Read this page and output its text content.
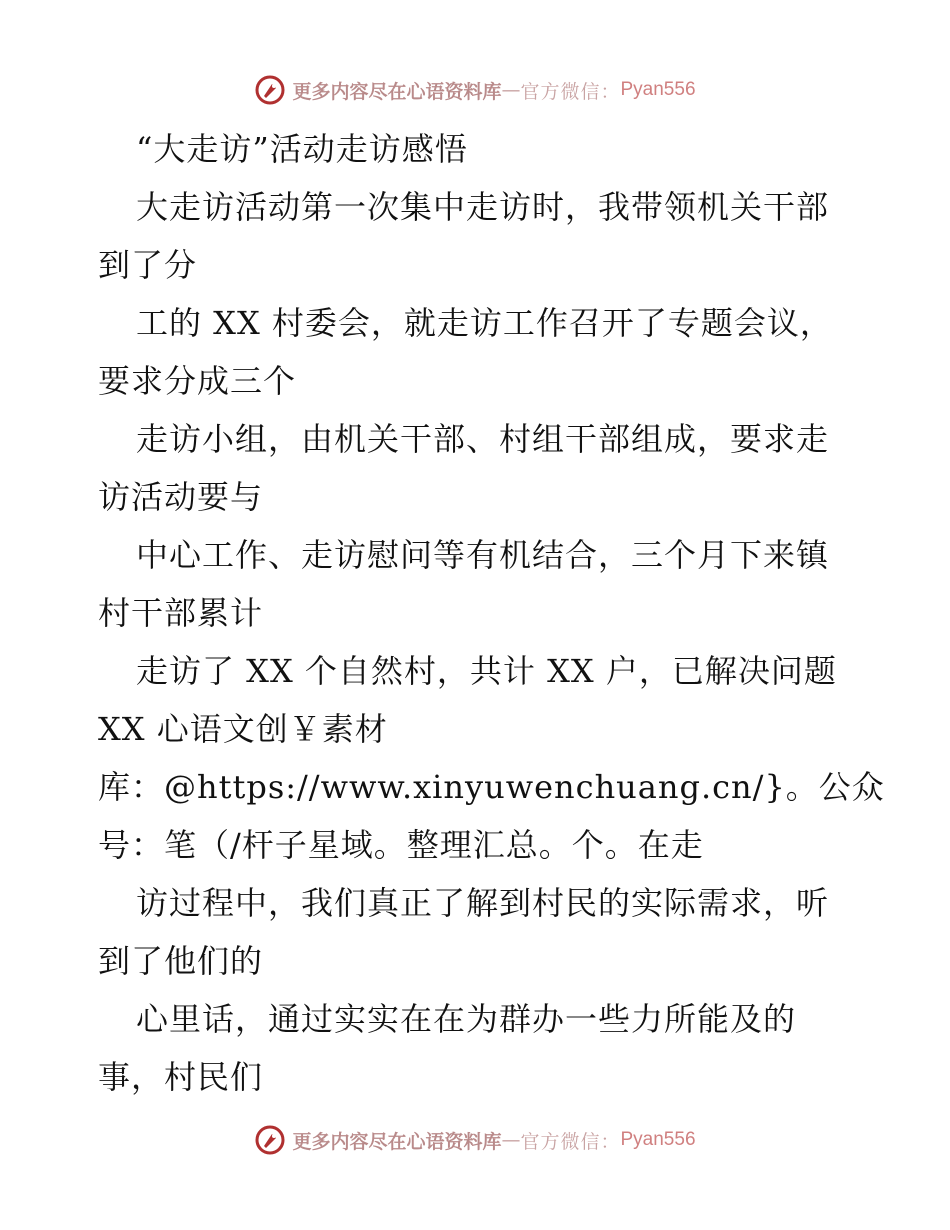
更多内容尽在心语资料库 — 官方微信： Pyan556
“大走访”活动走访感悟
大走访活动第一次集中走访时，我带领机关干部
到了分
工的 XX 村委会，就走访工作召开了专题会议，
要求分成三个
走访小组，由机关干部、村组干部组成，要求走
访活动要与
中心工作、走访慰问等有机结合，三个月下来镇
村干部累计
走访了 XX 个自然村，共计 XX 户，已解决问题
XX 心语文创￥素材
库：@https://www.xinyuwenchuang.cn/}。公众
号：笔（/杆子星域。整理汇总。个。在走
访过程中，我们真正了解到村民的实际需求，听
到了他们的
心里话，通过实实在在为群办一些力所能及的
事，村民们
更多内容尽在心语资料库 — 官方微信： Pyan556
